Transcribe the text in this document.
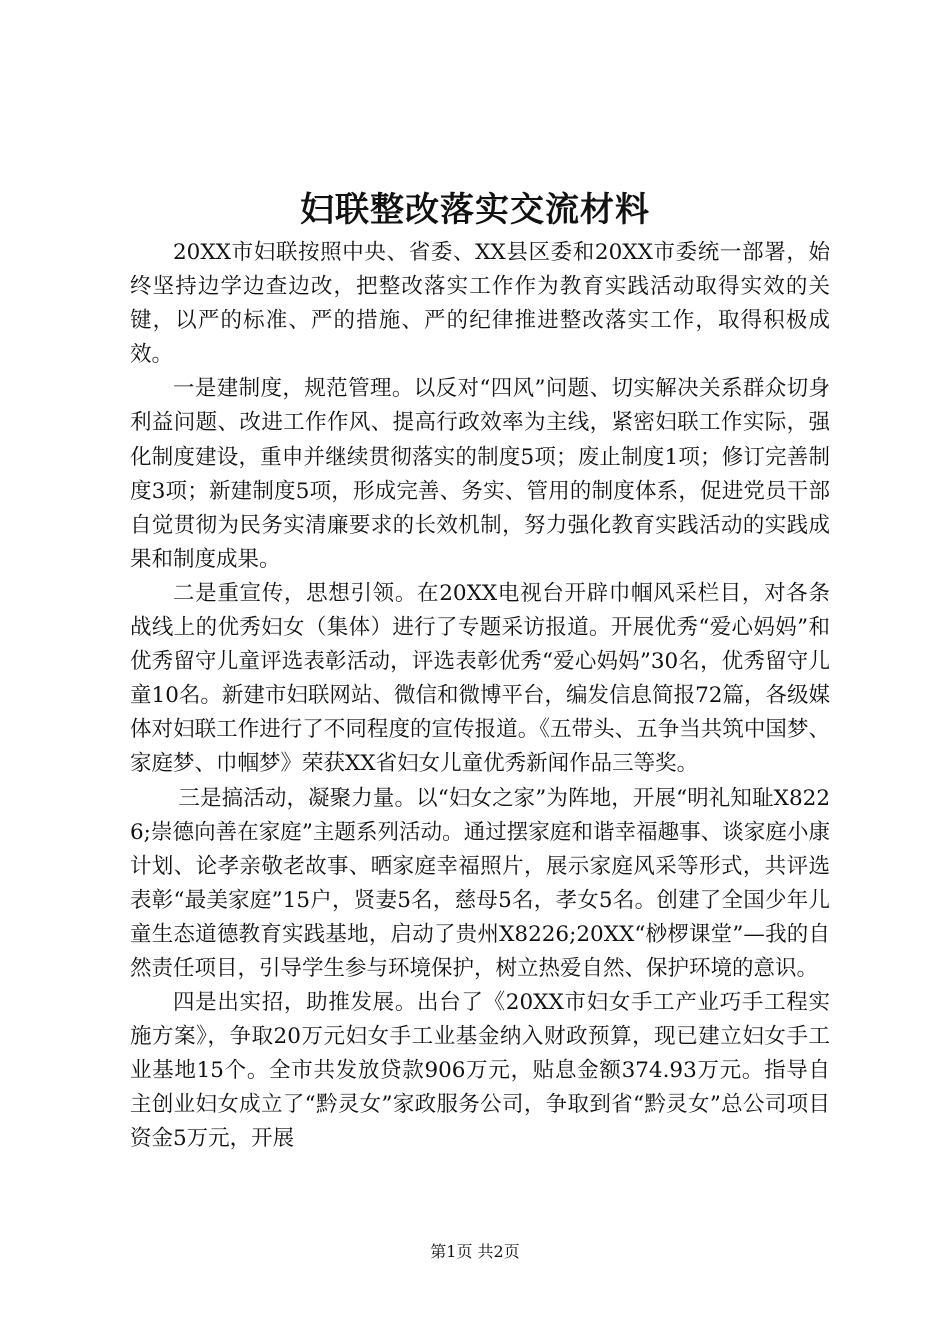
妇联整改落实交流材料

20XX市妇联按照中央、省委、XX县区委和20XX市委统一部署，始终坚持边学边查边改，把整改落实工作作为教育实践活动取得实效的关键，以严的标准、严的措施、严的纪律推进整改落实工作，取得积极成效。

一是建制度，规范管理。以反对“四风”问题、切实解决关系群众切身利益问题、改进工作作风、提高行政效率为主线，紧密妇联工作实际，强化制度建设，重申并继续贯彻落实的制度5项；废止制度1项；修订完善制度3项；新建制度5项，形成完善、务实、管用的制度体系，促进党员干部自觉贯彻为民务实清廉要求的长效机制，努力强化教育实践活动的实践成果和制度成果。

二是重宣传，思想引领。在20XX电视台开辟巾帼风采栏目，对各条战线上的优秀妇女（集体）进行了专题采访报道。开展优秀“爱心妈妈”和优秀留守儿童评选表彰活动，评选表彰优秀“爱心妈妈”30名，优秀留守儿童10名。新建市妇联网站、微信和微博平台，编发信息简报72篇，各级媒体对妇联工作进行了不同程度的宣传报道。《五带头、五争当共筑中国梦、家庭梦、巾帼梦》荣获XX省妇女儿童优秀新闻作品三等奖。

三是搞活动，凝聚力量。以“妇女之家”为阵地，开展“明礼知耻X8226;崇德向善在家庭”主题系列活动。通过摆家庭和谐幸福趣事、谈家庭小康计划、论孝亲敬老故事、晒家庭幸福照片，展示家庭风采等形式，共评选表彰“最美家庭”15户，贤妻5名，慈母5名，孝女5名。创建了全国少年儿童生态道德教育实践基地，启动了贵州X8226;20XX“桫椤课堂”—我的自然责任项目，引导学生参与环境保护，树立热爱自然、保护环境的意识。

四是出实招，助推发展。出台了《20XX市妇女手工产业巧手工程实施方案》，争取20万元妇女手工业基金纳入财政预算，现已建立妇女手工业基地15个。全市共发放贷款906万元，贴息金额374.93万元。指导自主创业妇女成立了“黔灵女”家政服务公司，争取到省“黔灵女”总公司项目资金5万元，开展

第1页 共2页
